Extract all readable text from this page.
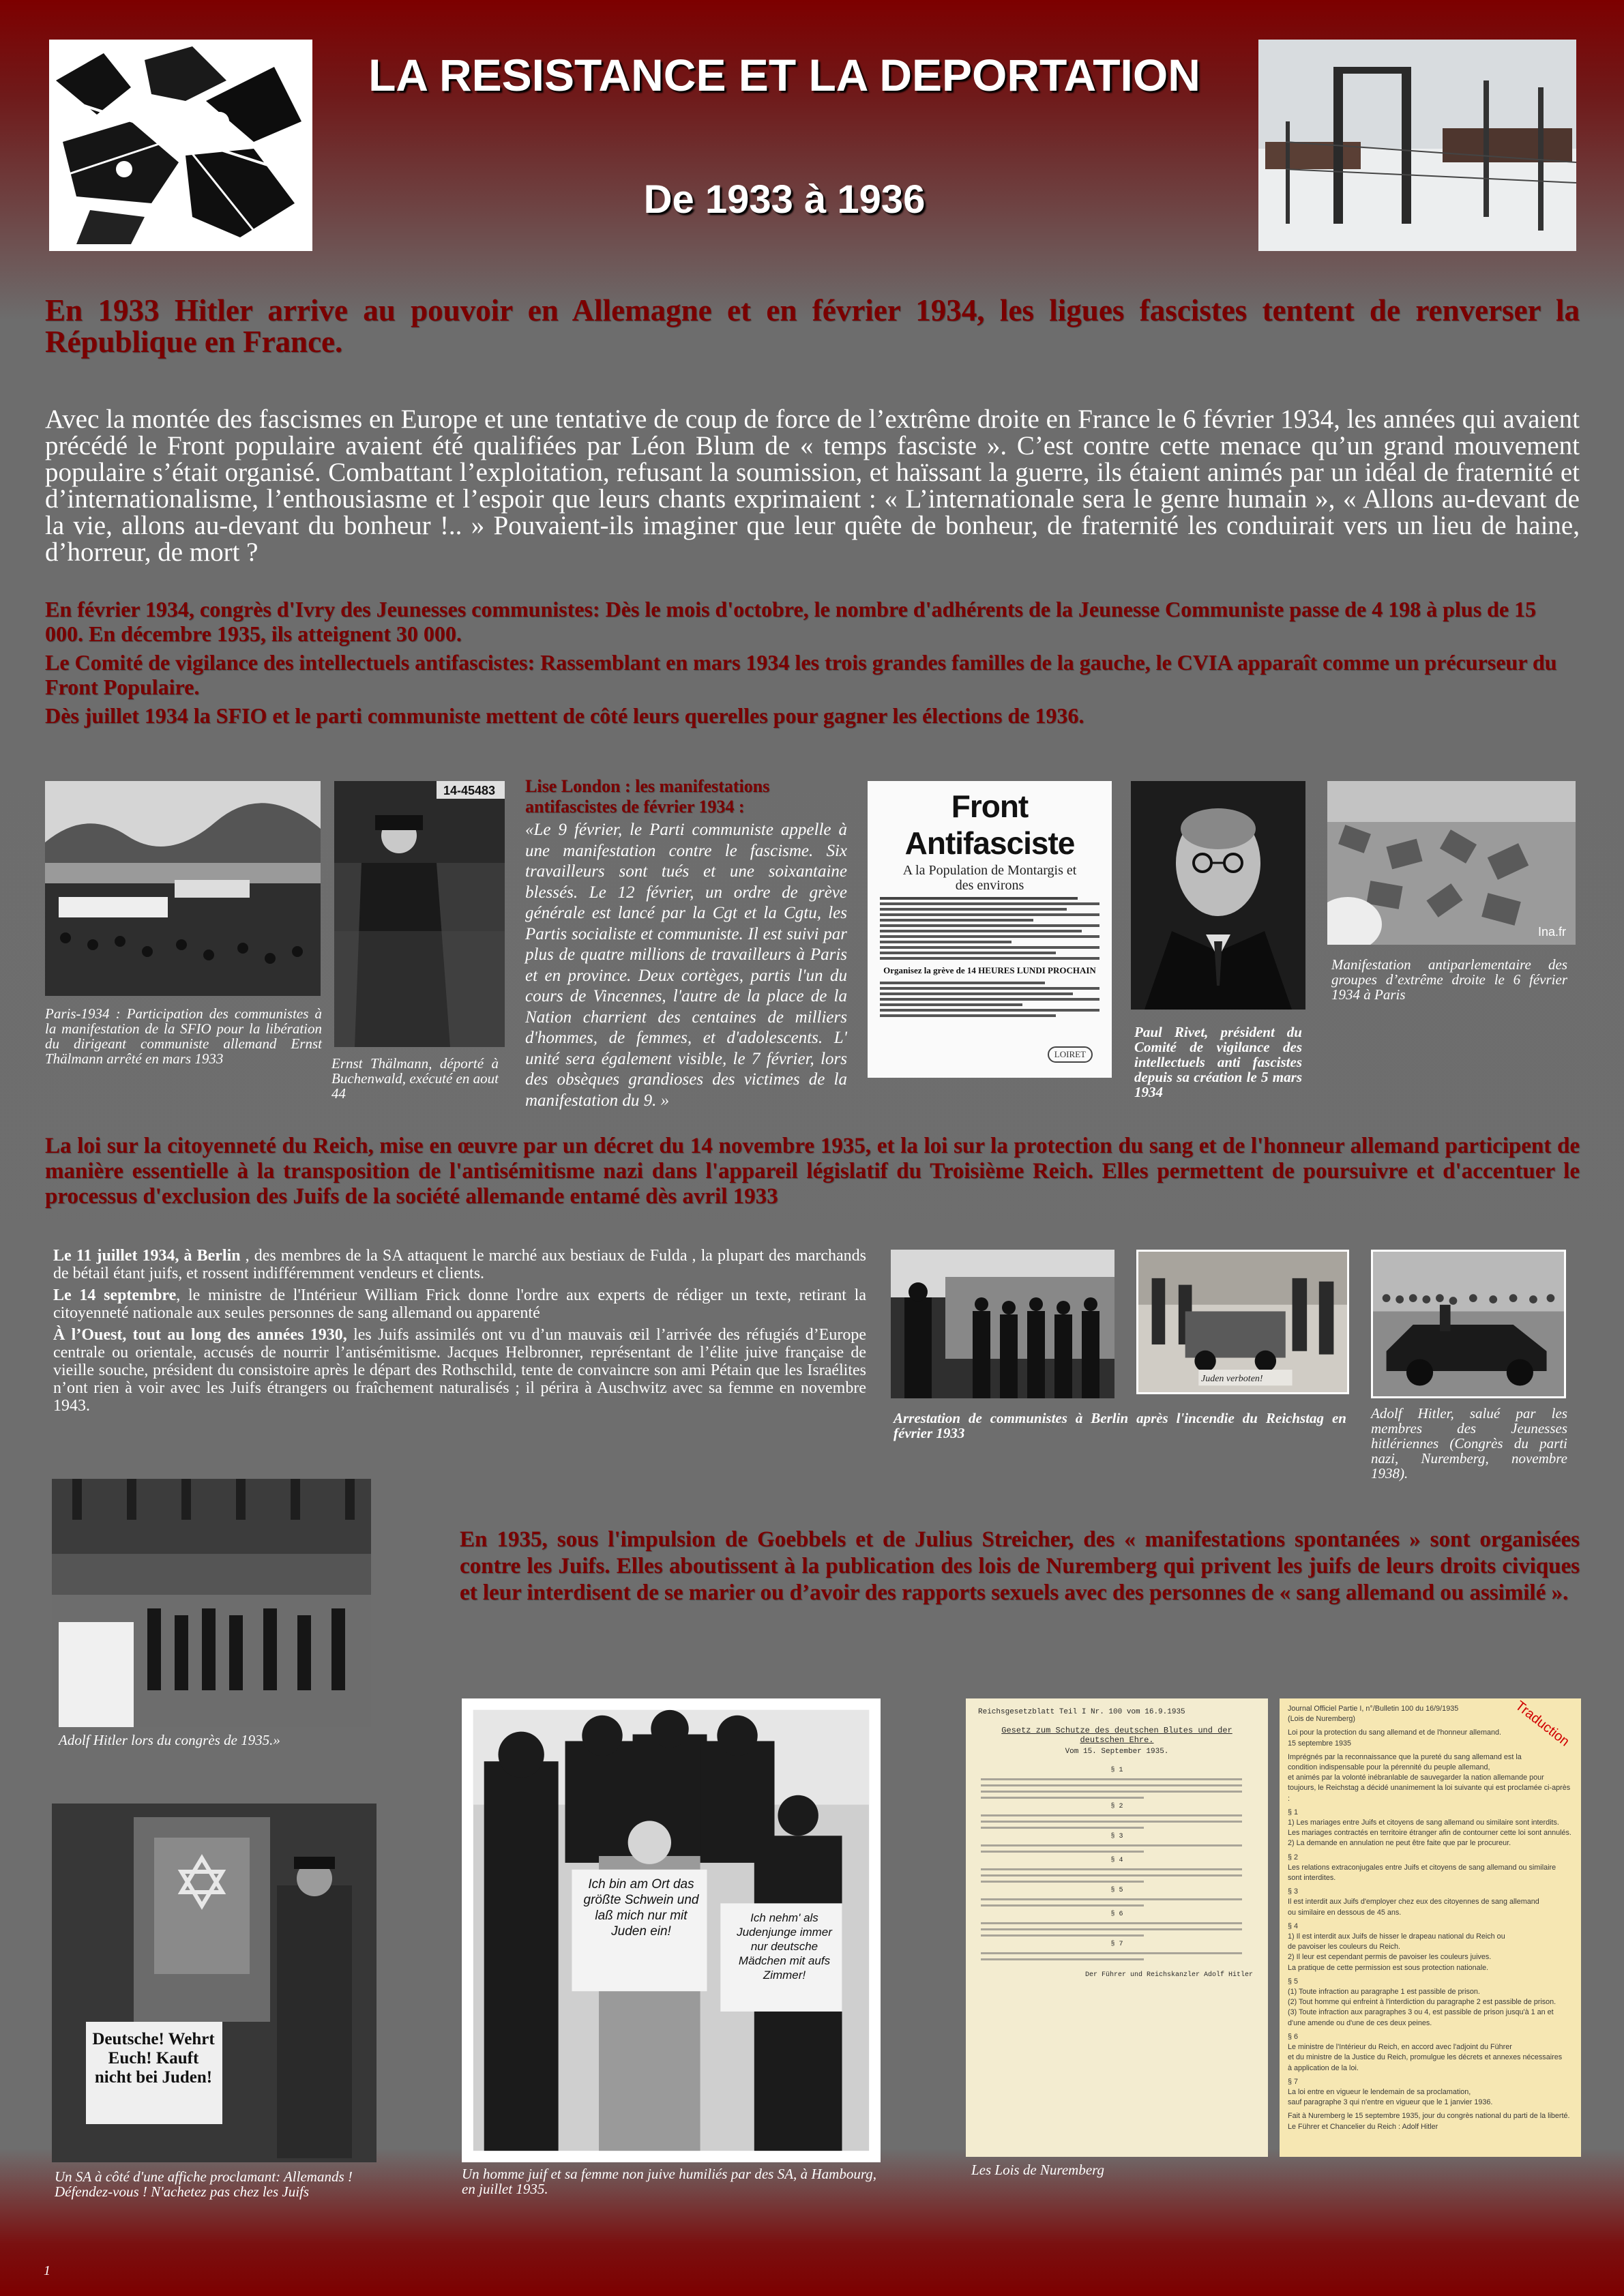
LA RESISTANCE ET LA DEPORTATION
De 1933 à 1936
En 1933 Hitler arrive au pouvoir en Allemagne et en février 1934, les ligues fascistes tentent de renverser la République en France.
Avec la montée des fascismes en Europe et une tentative de coup de force de l’extrême droite en France le 6 février 1934, les années qui avaient précédé le Front populaire avaient été qualifiées par Léon Blum de « temps fasciste ». C’est contre cette menace qu’un grand mouvement populaire s’était organisé. Combattant l’exploitation, refusant la soumission, et haïssant la guerre, ils étaient animés par un idéal de fraternité et d’internationalisme, l’enthousiasme et l’espoir que leurs chants exprimaient : « L’internationale sera le genre humain », « Allons au-devant de la vie, allons au-devant du bonheur !.. » Pouvaient-ils imaginer que leur quête de bonheur, de fraternité les conduirait vers un lieu de haine, d’horreur, de mort ?

En février 1934, congrès d'Ivry des Jeunesses communistes: Dès le mois d'octobre, le nombre d'adhérents de la Jeunesse Communiste passe de 4 198 à plus de 15 000. En décembre 1935, ils atteignent 30 000.

Le Comité de vigilance des intellectuels antifascistes: Rassemblant en mars 1934 les trois grandes familles de la gauche, le CVIA apparaît comme un précurseur du Front Populaire.

Dès juillet 1934 la SFIO et le parti communiste mettent de côté leurs querelles pour gagner les élections de 1936.

Paris-1934 : Participation des communistes à la manifestation de la SFIO pour la libération du dirigeant communiste allemand Ernst Thälmann arrêté en mars 1933
14-45483
Ernst Thälmann, déporté à Buchenwald, exécuté en aout 44
Lise London : les manifestations antifascistes de février 1934 :
«Le 9 février, le Parti communiste appelle à une manifestation contre le fascisme. Six travailleurs sont tués et une soixantaine blessés. Le 12 février, un ordre de grève générale est lancé par la Cgt et la Cgtu, les Partis socialiste et communiste. Il est suivi par plus de quatre millions de travailleurs à Paris et en province. Deux cortèges, partis l'un du cours de Vincennes, l'autre de la place de la Nation charrient des centaines de milliers d'hommes, de femmes, et d'adolescents. L' unité sera également visible, le 7 février, lors des obsèques grandioses des victimes de la manifestation du 9. »
Front Antifasciste
A la Population de Montargis et des environs
Organisez la grève de 14 HEURES LUNDI PROCHAIN
LOIRET
Paul Rivet, président du Comité de vigilance des intellectuels anti fascistes depuis sa création le 5 mars 1934
Ina.fr
Manifestation antiparlementaire des groupes d’extrême droite le 6 février 1934 à Paris
La loi sur la citoyenneté du Reich, mise en œuvre par un décret du 14 novembre 1935, et la loi sur la protection du sang et de l'honneur allemand participent de manière essentielle à la transposition de l'antisémitisme nazi dans l'appareil législatif du Troisième Reich. Elles permettent de poursuivre et d'accentuer le processus d'exclusion des Juifs de la société allemande entamé dès avril 1933

Le 11 juillet 1934, à Berlin , des membres de la SA attaquent le marché aux bestiaux de Fulda , la plupart des marchands de bétail étant juifs, et rossent indifféremment vendeurs et clients.

Le 14 septembre, le ministre de l'Intérieur William Frick donne l'ordre aux experts de rédiger un texte, retirant la citoyenneté nationale aux seules personnes de sang allemand ou apparenté

À l’Ouest, tout au long des années 1930, les Juifs assimilés ont vu d’un mauvais œil l’arrivée des réfugiés d’Europe centrale ou orientale, accusés de nourrir l’antisémitisme. Jacques Helbronner, représentant de l’élite juive française de vieille souche, président du consistoire après le départ des Rothschild, tente de convaincre son ami Pétain que les Israélites n’ont rien à voir avec les Juifs étrangers ou fraîchement naturalisés ; il périra à Auschwitz avec sa femme en novembre 1943.

Arrestation de communistes à Berlin après l'incendie du Reichstag en février 1933
Juden verboten!
Adolf Hitler, salué par les membres des Jeunesses hitlériennes (Congrès du parti nazi, Nuremberg, novembre 1938).
Adolf Hitler lors du congrès de 1935.»
En 1935, sous l'impulsion de Goebbels et de Julius Streicher, des « manifestations spontanées » sont organisées contre les Juifs. Elles aboutissent à la publication des lois de Nuremberg qui privent les juifs de leurs droits civiques et leur interdisent de se marier ou d’avoir des rapports sexuels avec des personnes de « sang allemand ou assimilé ».
Deutsche! Wehrt Euch! Kauft nicht bei Juden!
Un SA à côté d'une affiche proclamant: Allemands ! Défendez-vous ! N'achetez pas chez les Juifs
Ich bin am Ort das größte Schwein und laß mich nur mit Juden ein!
Ich nehm' als Judenjunge immer nur deutsche Mädchen mit aufs Zimmer!
Un homme juif et sa femme non juive humiliés par des SA, à Hambourg, en juillet 1935.
Reichsgesetzblatt Teil I Nr. 100 vom 16.9.1935
Gesetz zum Schutze des deutschen Blutes und der deutschen Ehre.
Vom 15. September 1935.
§ 1
§ 2
§ 3
§ 4
§ 5
§ 6
§ 7
Der Führer und Reichskanzler Adolf Hitler
Les Lois de Nuremberg
Traduction
Journal Officiel Partie I, n°/Bulletin 100 du 16/9/1935
(Lois de Nuremberg)
Loi pour la protection du sang allemand et de l'honneur allemand.
15 septembre 1935
Imprégnés par la reconnaissance que la pureté du sang allemand est la
condition indispensable pour la pérennité du peuple allemand,
et animés par la volonté inébranlable de sauvegarder la nation allemande pour
toujours, le Reichstag a décidé unanimement la loi suivante qui est proclamée ci-après :
§ 1
1) Les mariages entre Juifs et citoyens de sang allemand ou similaire sont interdits.
Les mariages contractés en territoire étranger afin de contourner cette loi sont annulés.
2) La demande en annulation ne peut être faite que par le procureur.
§ 2
Les relations extraconjugales entre Juifs et citoyens de sang allemand ou similaire
sont interdites.
§ 3
Il est interdit aux Juifs d'employer chez eux des citoyennes de sang allemand
ou similaire en dessous de 45 ans.
§ 4
1) Il est interdit aux Juifs de hisser le drapeau national du Reich ou
de pavoiser les couleurs du Reich.
2) Il leur est cependant permis de pavoiser les couleurs juives.
La pratique de cette permission est sous protection nationale.
§ 5
(1) Toute infraction au paragraphe 1 est passible de prison.
(2) Tout homme qui enfreint à l'interdiction du paragraphe 2 est passible de prison.
(3) Toute infraction aux paragraphes 3 ou 4, est passible de prison jusqu'à 1 an et
d'une amende ou d'une de ces deux peines.
§ 6
Le ministre de l'Intérieur du Reich, en accord avec l'adjoint du Führer
et du ministre de la Justice du Reich, promulgue les décrets et annexes nécessaires
à application de la loi.
§ 7
La loi entre en vigueur le lendemain de sa proclamation,
sauf paragraphe 3 qui n'entre en vigueur que le 1 janvier 1936.
Fait à Nuremberg le 15 septembre 1935, jour du congrès national du parti de la liberté.
Le Führer et Chancelier du Reich : Adolf Hitler
1
